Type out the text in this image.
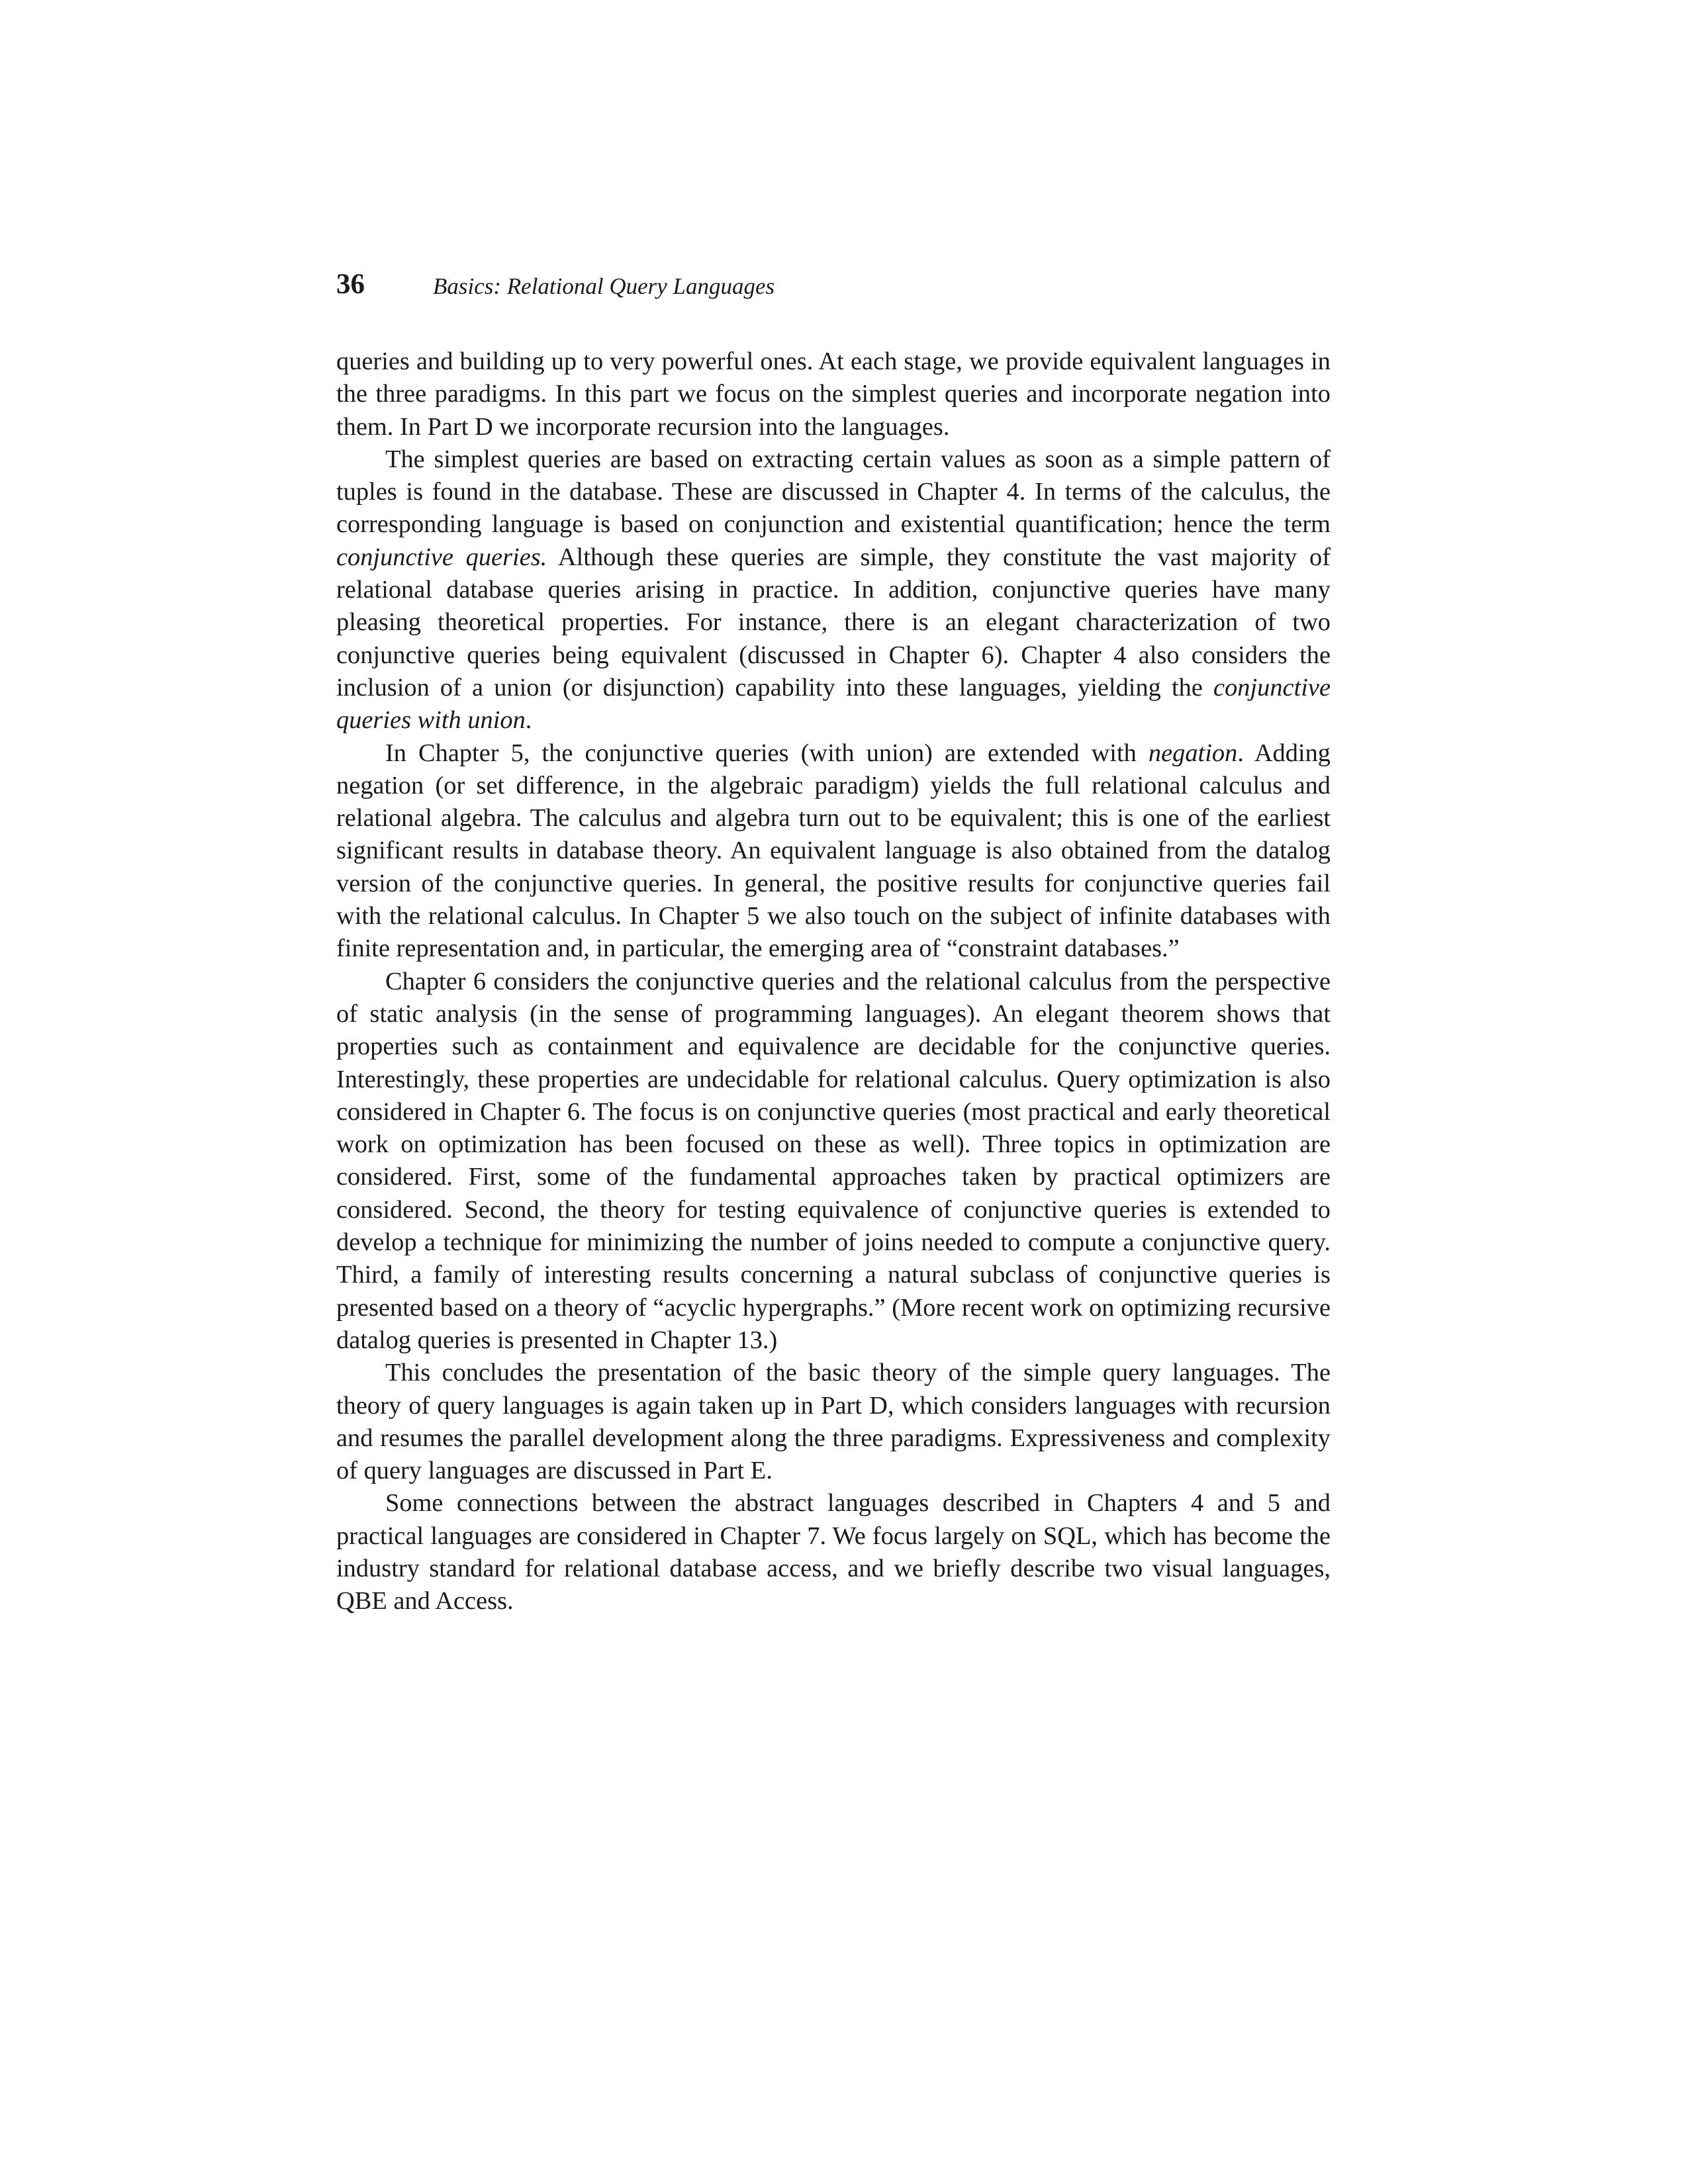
36	Basics: Relational Query Languages

queries and building up to very powerful ones. At each stage, we provide equivalent languages in the three paradigms. In this part we focus on the simplest queries and incorporate negation into them. In Part D we incorporate recursion into the languages.

The simplest queries are based on extracting certain values as soon as a simple pattern of tuples is found in the database. These are discussed in Chapter 4. In terms of the calculus, the corresponding language is based on conjunction and existential quantification; hence the term conjunctive queries. Although these queries are simple, they constitute the vast majority of relational database queries arising in practice. In addition, conjunctive queries have many pleasing theoretical properties. For instance, there is an elegant characterization of two conjunctive queries being equivalent (discussed in Chapter 6). Chapter 4 also considers the inclusion of a union (or disjunction) capability into these languages, yielding the conjunctive queries with union.

In Chapter 5, the conjunctive queries (with union) are extended with negation. Adding negation (or set difference, in the algebraic paradigm) yields the full relational calculus and relational algebra. The calculus and algebra turn out to be equivalent; this is one of the earliest significant results in database theory. An equivalent language is also obtained from the datalog version of the conjunctive queries. In general, the positive results for conjunctive queries fail with the relational calculus. In Chapter 5 we also touch on the subject of infinite databases with finite representation and, in particular, the emerging area of “constraint databases.”

Chapter 6 considers the conjunctive queries and the relational calculus from the perspective of static analysis (in the sense of programming languages). An elegant theorem shows that properties such as containment and equivalence are decidable for the conjunctive queries. Interestingly, these properties are undecidable for relational calculus. Query optimization is also considered in Chapter 6. The focus is on conjunctive queries (most practical and early theoretical work on optimization has been focused on these as well). Three topics in optimization are considered. First, some of the fundamental approaches taken by practical optimizers are considered. Second, the theory for testing equivalence of conjunctive queries is extended to develop a technique for minimizing the number of joins needed to compute a conjunctive query. Third, a family of interesting results concerning a natural subclass of conjunctive queries is presented based on a theory of “acyclic hypergraphs.” (More recent work on optimizing recursive datalog queries is presented in Chapter 13.)

This concludes the presentation of the basic theory of the simple query languages. The theory of query languages is again taken up in Part D, which considers languages with recursion and resumes the parallel development along the three paradigms. Expressiveness and complexity of query languages are discussed in Part E.

Some connections between the abstract languages described in Chapters 4 and 5 and practical languages are considered in Chapter 7. We focus largely on SQL, which has become the industry standard for relational database access, and we briefly describe two visual languages, QBE and Access.
